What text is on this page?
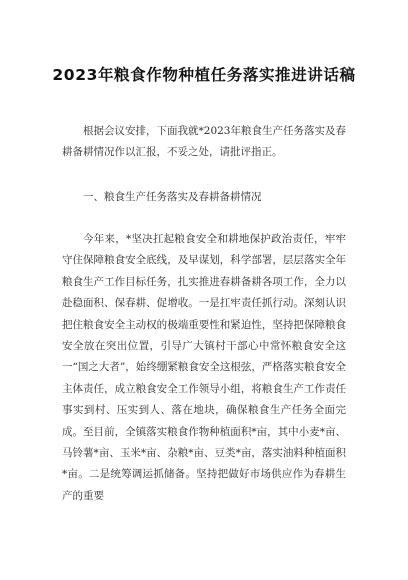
2023年粮食作物种植任务落实推进讲话稿

根据会议安排，下面我就*2023年粮食生产任务落实及春耕备耕情况作以汇报，不妥之处，请批评指正。

一、粮食生产任务落实及春耕备耕情况

今年来，*坚决扛起粮食安全和耕地保护政治责任，牢牢守住保障粮食安全底线，及早谋划，科学部署，层层落实全年粮食生产工作目标任务，扎实推进春耕备耕各项工作，全力以赴稳面积、保春耕、促增收。一是扛牢责任抓行动。深刻认识把住粮食安全主动权的极端重要性和紧迫性，坚持把保障粮食安全放在突出位置，引导广大镇村干部心中常怀粮食安全这一“国之大者”，始终绷紧粮食安全这根弦，严格落实粮食安全主体责任，成立粮食安全工作领导小组，将粮食生产工作责任事实到村、压实到人、落在地块，确保粮食生产任务全面完成。至目前，全镇落实粮食作物种植面积*亩，其中小麦*亩、马铃薯*亩、玉米*亩、杂粮*亩、豆类*亩，落实油料种植面积*亩。二是统筹调运抓储备。坚持把做好市场供应作为春耕生产的重要
